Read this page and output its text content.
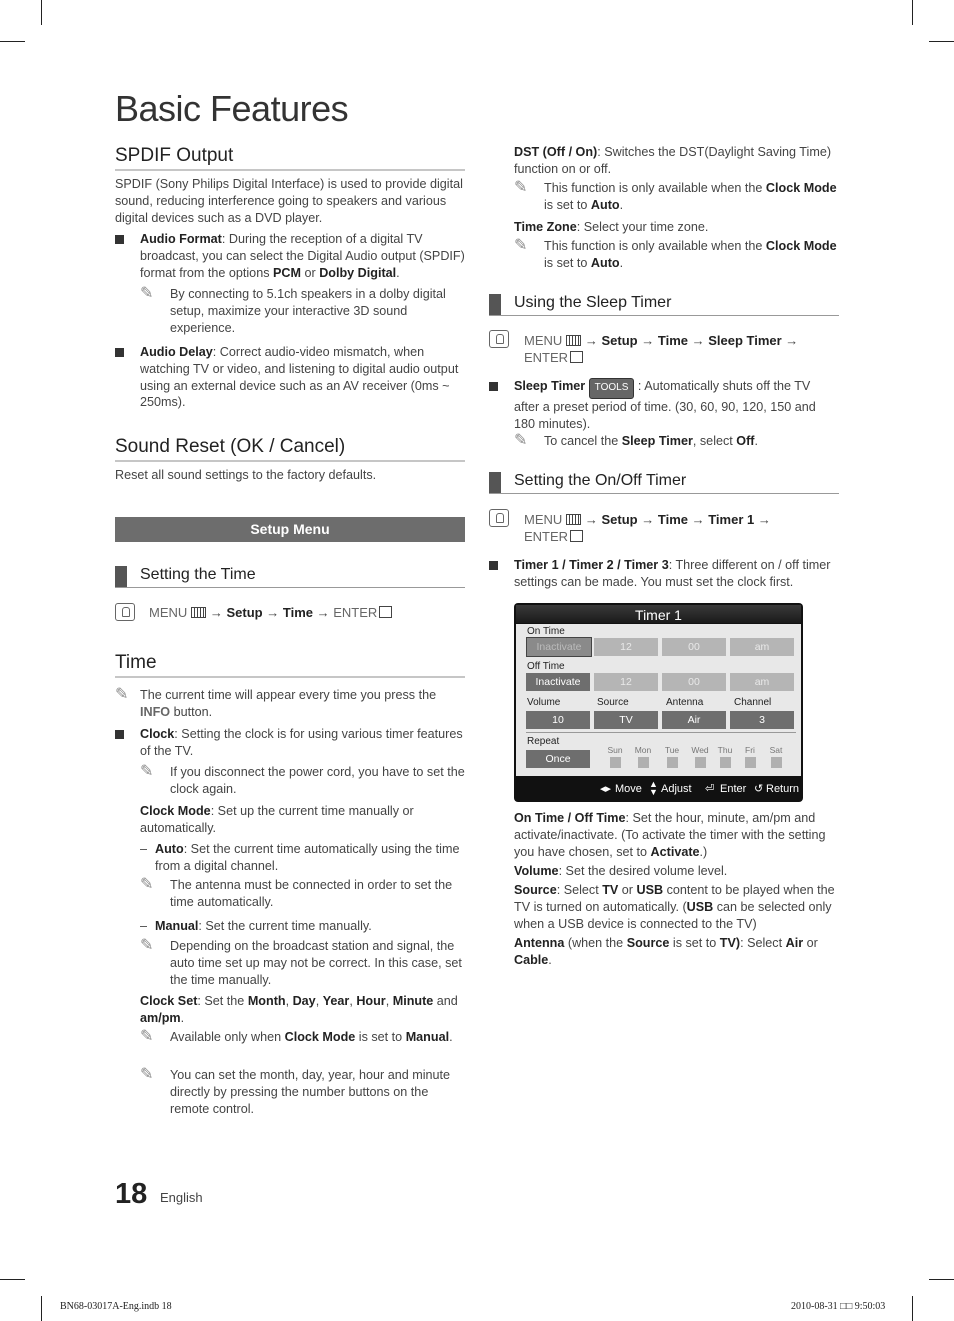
Basic Features
SPDIF Output
SPDIF (Sony Philips Digital Interface) is used to provide digital sound, reducing interference going to speakers and various digital devices such as a DVD player.
Audio Format: During the reception of a digital TV broadcast, you can select the Digital Audio output (SPDIF) format from the options PCM or Dolby Digital.
✎ By connecting to 5.1ch speakers in a dolby digital setup, maximize your interactive 3D sound experience.
Audio Delay: Correct audio-video mismatch, when watching TV or video, and listening to digital audio output using an external device such as an AV receiver (0ms ~ 250ms).
Sound Reset (OK / Cancel)
Reset all sound settings to the factory defaults.
Setup Menu
Setting the Time
MENU → Setup → Time → ENTER
Time
✎ The current time will appear every time you press the INFO button.
Clock: Setting the clock is for using various timer features of the TV.
✎ If you disconnect the power cord, you have to set the clock again.
Clock Mode: Set up the current time manually or automatically.
– Auto: Set the current time automatically using the time from a digital channel.
✎ The antenna must be connected in order to set the time automatically.
– Manual: Set the current time manually.
✎ Depending on the broadcast station and signal, the auto time set up may not be correct. In this case, set the time manually.
Clock Set: Set the Month, Day, Year, Hour, Minute and am/pm.
✎ Available only when Clock Mode is set to Manual.
✎ You can set the month, day, year, hour and minute directly by pressing the number buttons on the remote control.
DST (Off / On): Switches the DST(Daylight Saving Time) function on or off.
✎ This function is only available when the Clock Mode is set to Auto.
Time Zone: Select your time zone.
✎ This function is only available when the Clock Mode is set to Auto.
Using the Sleep Timer
MENU → Setup → Time → Sleep Timer →
ENTER
Sleep Timer TOOLS : Automatically shuts off the TV after a preset period of time. (30, 60, 90, 120, 150 and 180 minutes).
✎ To cancel the Sleep Timer, select Off.
Setting the On/Off Timer
MENU → Setup → Time → Timer 1 →
ENTER
Timer 1 / Timer 2 / Timer 3: Three different on / off timer settings can be made. You must set the clock first.
Timer 1
On Time
Inactivate	12	00	am
Off Time
Inactivate	12	00	am
Volume	Source	Antenna	Channel
10	TV	Air	3
Repeat
Once
Sun Mon	Tue	Wed	Thu	Fri	Sat
◂▸ Move ▲
▼ Adjust ⏎ Enter ↺ Return
On Time / Off Time: Set the hour, minute, am/pm and activate/inactivate. (To activate the timer with the setting you have chosen, set to Activate.)
Volume: Set the desired volume level.
Source: Select TV or USB content to be played when the TV is turned on automatically. (USB can be selected only when a USB device is connected to the TV)
Antenna (when the Source is set to TV): Select Air or Cable.
18 English
BN68-03017A-Eng.indb 18	2010-08-31 □□ 9:50:03
